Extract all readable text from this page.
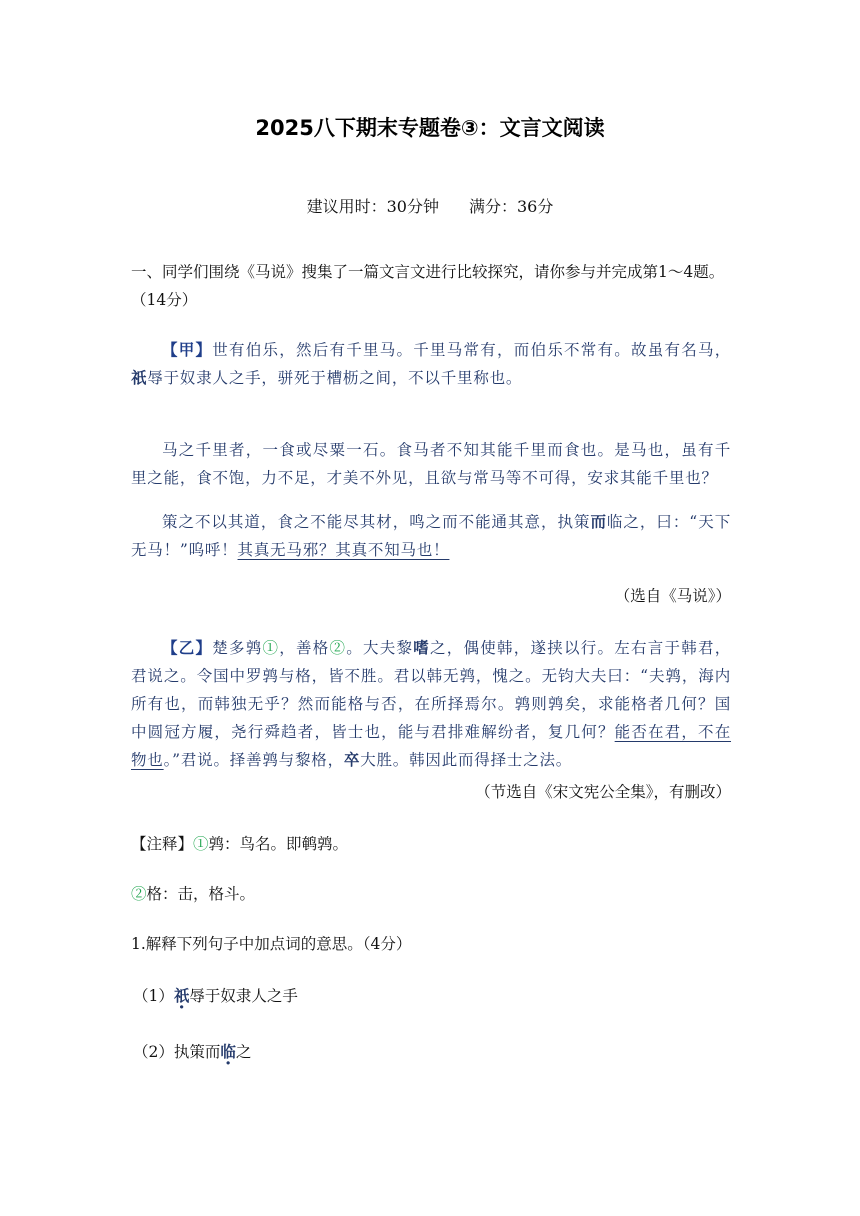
2025八下期末专题卷③：文言文阅读
建议用时：30分钟 满分：36分
一、同学们围绕《马说》搜集了一篇文言文进行比较探究，请你参与并完成第1～4题。（14分）
【甲】世有伯乐，然后有千里马。千里马常有，而伯乐不常有。故虽有名马，祇辱于奴隶人之手，骈死于槽枥之间，不以千里称也。
马之千里者，一食或尽粟一石。食马者不知其能千里而食也。是马也，虽有千里之能，食不饱，力不足，才美不外见，且欲与常马等不可得，安求其能千里也？
策之不以其道，食之不能尽其材，鸣之而不能通其意，执策而临之，曰：“天下无马！”呜呼！其真无马邪？其真不知马也！
（选自《马说》）
【乙】楚多鹑①，善格②。大夫黎嗜之，偶使韩，遂挟以行。左右言于韩君，君说之。令国中罗鹑与格，皆不胜。君以韩无鹑，愧之。无钧大夫曰：“夫鹑，海内所有也，而韩独无乎？然而能格与否，在所择焉尔。鹑则鹑矣，求能格者几何？国中圆冠方履，尧行舜趋者，皆士也，能与君排难解纷者，复几何？能否在君，不在物也。”君说。择善鹑与黎格，卒大胜。韩因此而得择士之法。
（节选自《宋文宪公全集》，有删改）
【注释】①鹑：鸟名。即鹌鹑。
②格：击，格斗。
1.解释下列句子中加点词的意思。（4分）
（1）祇辱于奴隶人之手
（2）执策而临之
